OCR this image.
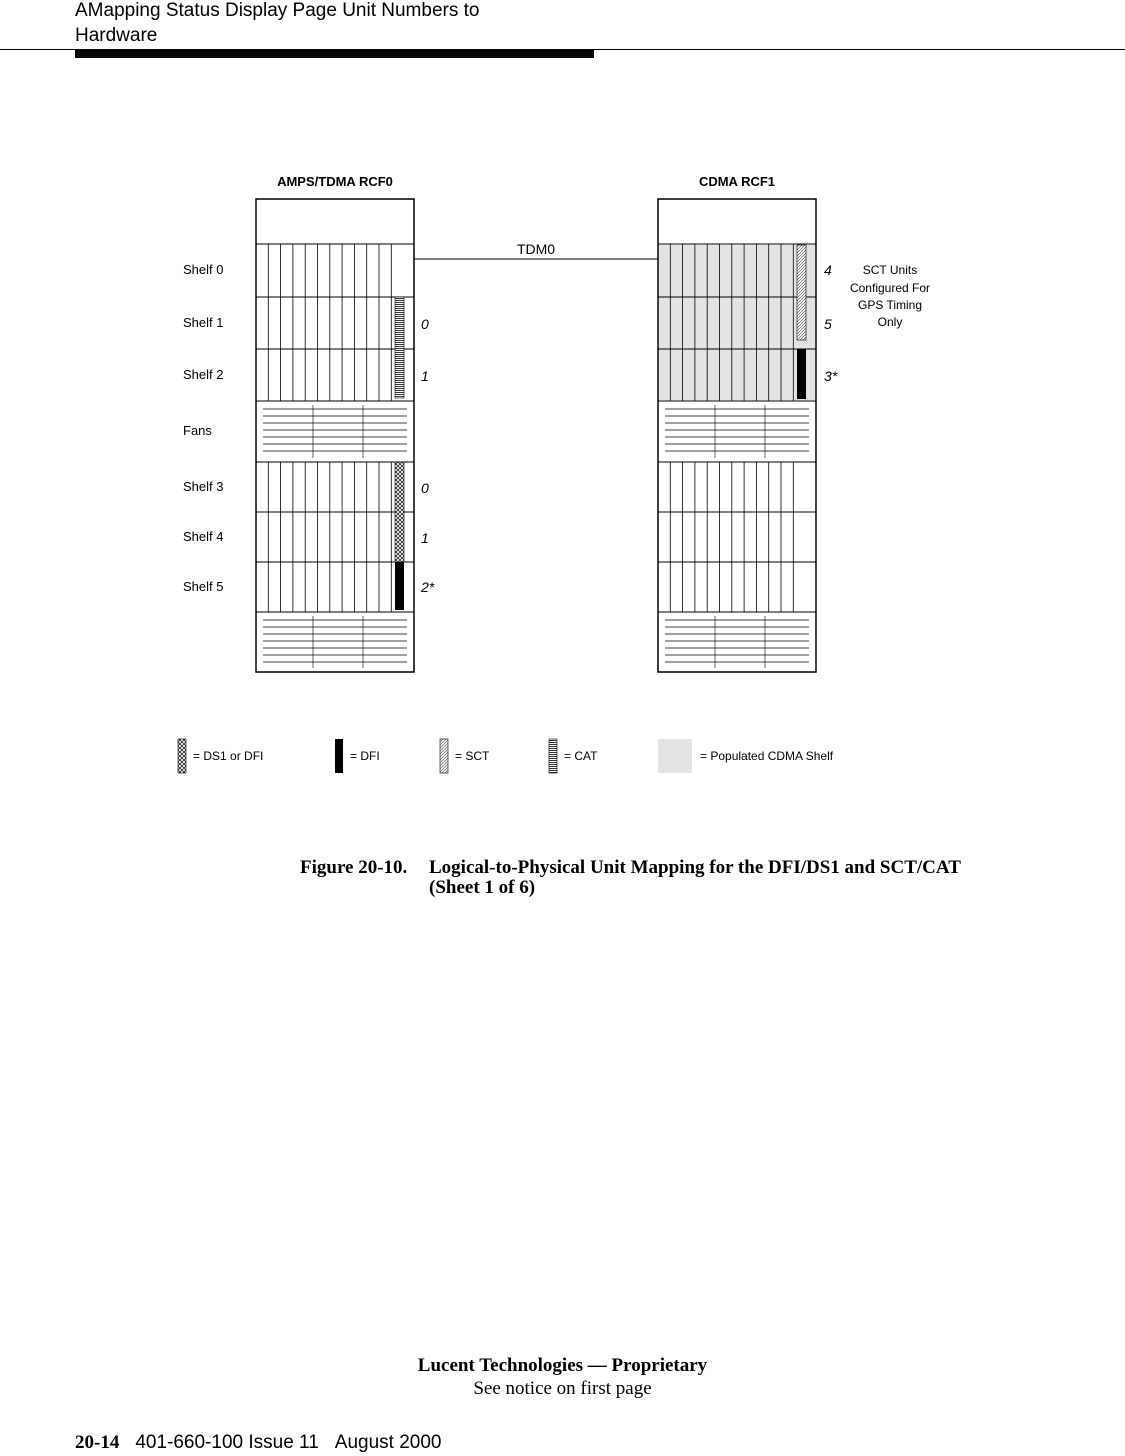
AMapping Status Display Page Unit Numbers to
Hardware
AMPS/TDMA RCF0	CDMA RCF1
TDM0
Shelf 0
Shelf 1
Shelf 2
Fans
Shelf 3
Shelf 4
Shelf 5
0
1
0
1
2*
4
5
3*
SCT Units
Configured For
GPS Timing
Only
= DS1 or DFI	= DFI	= SCT	= CAT	= Populated CDMA Shelf
Figure 20-10. Logical-to-Physical Unit Mapping for the DFI/DS1 and SCT/CAT
(Sheet 1 of 6)
Lucent Technologies — Proprietary
See notice on first page
20-14 401-660-100 Issue 11 August 2000
